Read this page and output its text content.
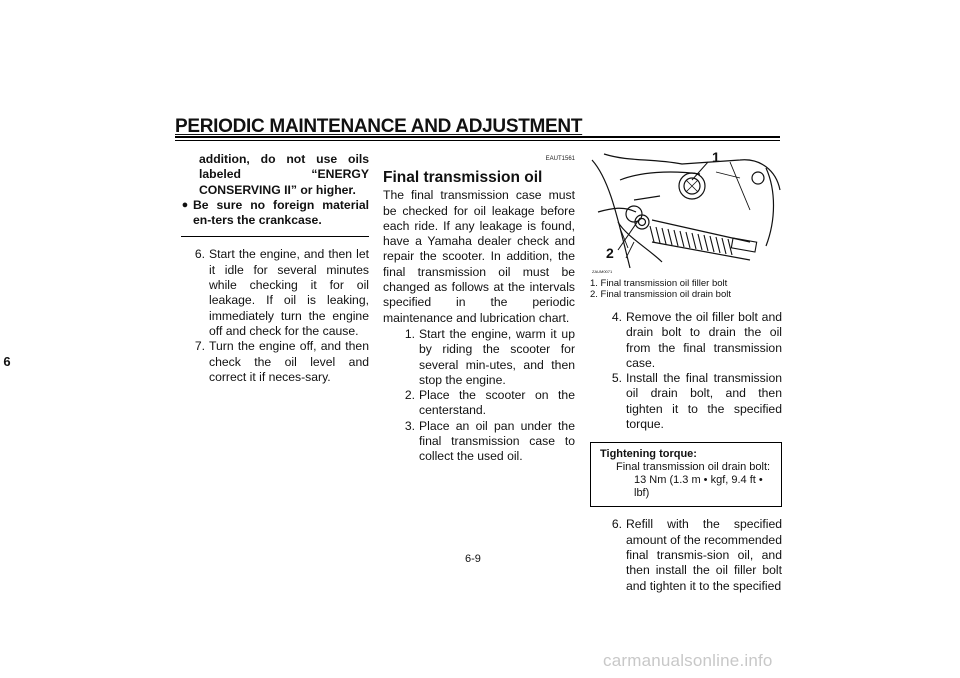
PERIODIC MAINTENANCE AND ADJUSTMENT
6
addition, do not use oils labeled “ENERGY CONSERVING II” or higher.
● Be sure no foreign material en-ters the crankcase.
6. Start the engine, and then let it idle for several minutes while checking it for oil leakage. If oil is leaking, immediately turn the engine off and check for the cause.
7. Turn the engine off, and then check the oil level and correct it if neces-sary.
EAUT1561
Final transmission oil
The final transmission case must be checked for oil leakage before each ride. If any leakage is found, have a Yamaha dealer check and repair the scooter. In addition, the final transmission oil must be changed as follows at the intervals specified in the periodic maintenance and lubrication chart.
1. Start the engine, warm it up by riding the scooter for several min-utes, and then stop the engine.
2. Place the scooter on the centerstand.
3. Place an oil pan under the final transmission case to collect the used oil.
1
2
ZAUM0071
1. Final transmission oil filler bolt
2. Final transmission oil drain bolt
4. Remove the oil filler bolt and drain bolt to drain the oil from the final transmission case.
5. Install the final transmission oil drain bolt, and then tighten it to the specified torque.
Tightening torque:
Final transmission oil drain bolt:
13 Nm (1.3 m • kgf, 9.4 ft • lbf)
6. Refill with the specified amount of the recommended final transmis-sion oil, and then install the oil filler bolt and tighten it to the specified
6-9
carmanualsonline.info
